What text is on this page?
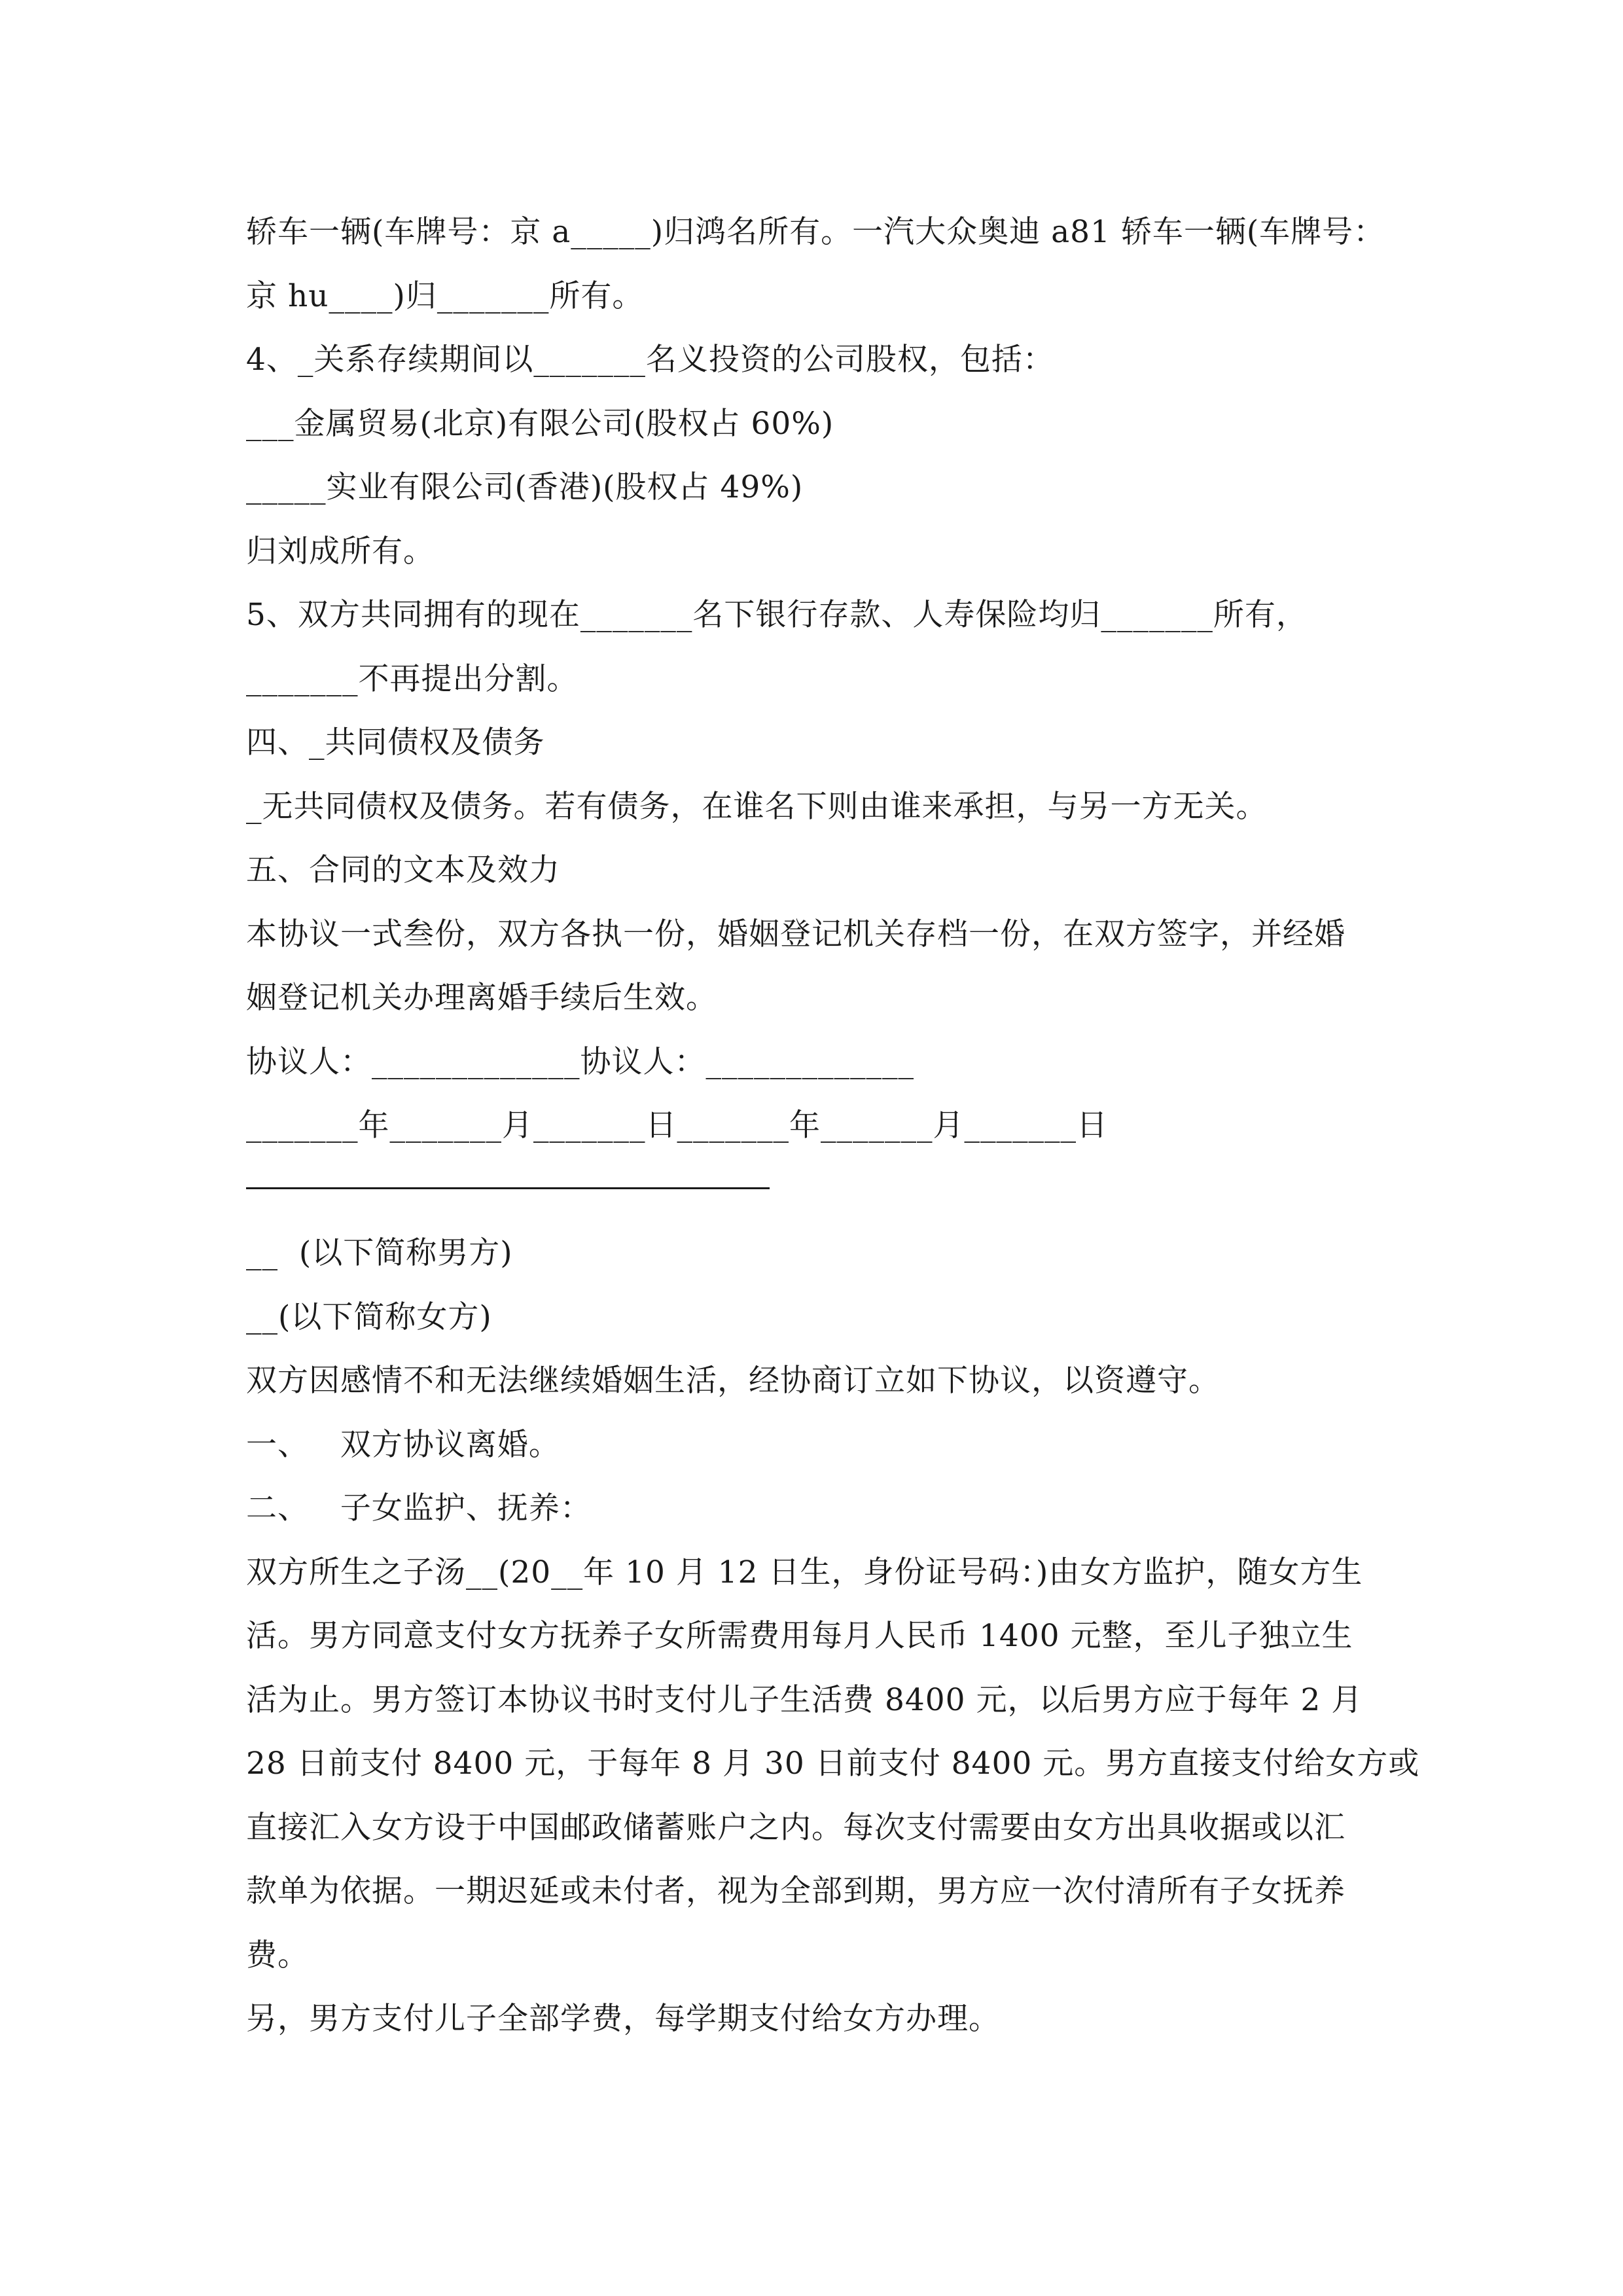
轿车一辆(车牌号：京 a_____)归鸿名所有。一汽大众奥迪 a81 轿车一辆(车牌号：
京 hu____)归_______所有。
4、_关系存续期间以_______名义投资的公司股权，包括：
___金属贸易(北京)有限公司(股权占 60%)
_____实业有限公司(香港)(股权占 49%)
归刘成所有。
5、双方共同拥有的现在_______名下银行存款、人寿保险均归_______所有，
_______不再提出分割。
四、_共同债权及债务
_无共同债权及债务。若有债务，在谁名下则由谁来承担，与另一方无关。
五、合同的文本及效力
本协议一式叁份，双方各执一份，婚姻登记机关存档一份，在双方签字，并经婚
姻登记机关办理离婚手续后生效。
协议人：_____________协议人：_____________
_______年_______月_______日_______年_______月_______日
__  (以下简称男方)
__(以下简称女方)
双方因感情不和无法继续婚姻生活，经协商订立如下协议，以资遵守。
一、   双方协议离婚。
二、   子女监护、抚养：
双方所生之子汤__(20__年 10 月 12 日生，身份证号码：)由女方监护，随女方生
活。男方同意支付女方抚养子女所需费用每月人民币 1400 元整，至儿子独立生
活为止。男方签订本协议书时支付儿子生活费 8400 元，以后男方应于每年 2 月
28 日前支付 8400 元，于每年 8 月 30 日前支付 8400 元。男方直接支付给女方或
直接汇入女方设于中国邮政储蓄账户之内。每次支付需要由女方出具收据或以汇
款单为依据。一期迟延或未付者，视为全部到期，男方应一次付清所有子女抚养
费。
另，男方支付儿子全部学费，每学期支付给女方办理。
